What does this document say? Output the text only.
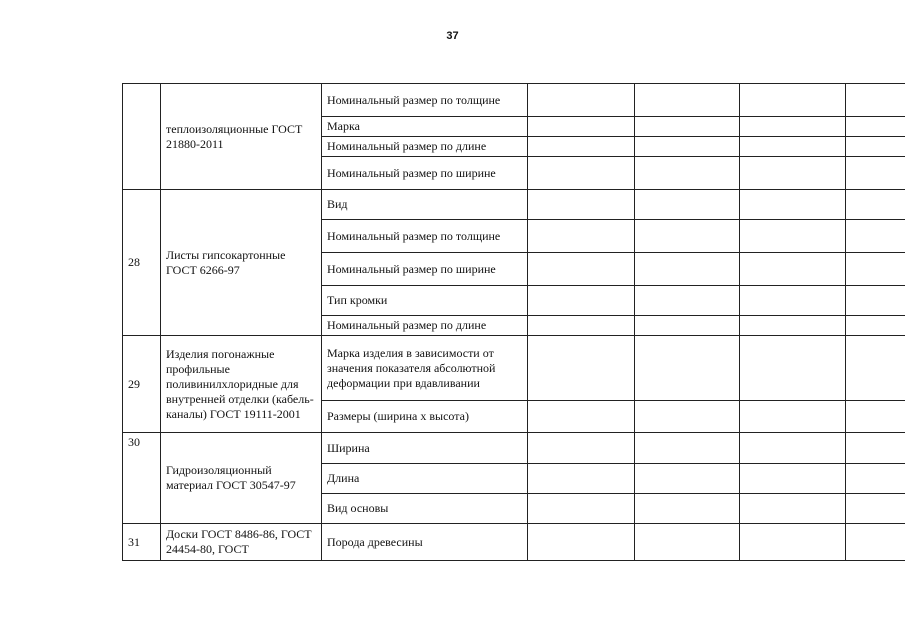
37
	теплоизоляционные ГОСТ 21880-2011	Номинальный размер по толщине					
		Марка					
		Номинальный размер по длине					
		Номинальный размер по ширине					
28	Листы гипсокартонные ГОСТ 6266-97	Вид					
		Номинальный размер по толщине					
		Номинальный размер по ширине					
		Тип кромки					
		Номинальный размер по длине					
29	Изделия погонажные профильные поливинилхлоридные для внутренней отделки (кабель-каналы) ГОСТ 19111-2001	Марка изделия в зависимости от значения показателя абсолютной деформации при вдавливании					
		Размеры (ширина х высота)					
30	Гидроизоляционный материал ГОСТ 30547-97	Ширина					
		Длина					
		Вид основы					
31	Доски ГОСТ 8486-86, ГОСТ 24454-80, ГОСТ	Порода древесины					
